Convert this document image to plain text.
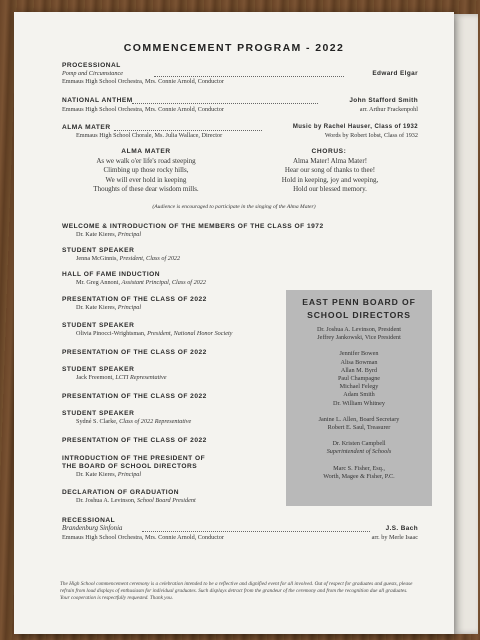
COMMENCEMENT PROGRAM - 2022
PROCESSIONAL
Pomp and Circumstance	Edward Elgar
Emmaus High School Orchestra, Mrs. Connie Arnold, Conductor
NATIONAL ANTHEM	John Stafford Smith
Emmaus High School Orchestra, Mrs. Connie Arnold, Conductor	arr. Arthur Frackenpohl
ALMA MATER	Music by Rachel Hauser, Class of 1932
Emmaus High School Chorale, Ms. Julia Wallace, Director	Words by Robert Iobst, Class of 1932
ALMA MATER
As we walk o'er life's road steeping
Climbing up those rocky hills,
We will ever hold in keeping
Thoughts of these dear wisdom mills.
CHORUS:
Alma Mater! Alma Mater!
Hear our song of thanks to thee!
Hold in keeping, joy and weeping,
Hold our blessed memory.
(Audience is encouraged to participate in the singing of the Alma Mater)
WELCOME & INTRODUCTION OF THE MEMBERS OF THE CLASS OF 1972
Dr. Kate Kieres, Principal
STUDENT SPEAKER
Jenna McGinnis, President, Class of 2022
HALL OF FAME INDUCTION
Mr. Greg Annoni, Assistant Principal, Class of 2022
PRESENTATION OF THE CLASS OF 2022
Dr. Kate Kieres, Principal
STUDENT SPEAKER
Olivia Pinocci-Wrightsman, President, National Honor Society
PRESENTATION OF THE CLASS OF 2022
STUDENT SPEAKER
Jack Freemont, LCTI Representative
PRESENTATION OF THE CLASS OF 2022
STUDENT SPEAKER
Sydné S. Clarke, Class of 2022 Representative
PRESENTATION OF THE CLASS OF 2022
INTRODUCTION OF THE PRESIDENT OF
THE BOARD OF SCHOOL DIRECTORS
Dr. Kate Kieres, Principal
DECLARATION OF GRADUATION
Dr. Joshua A. Levinson, School Board President
RECESSIONAL
Brandenburg Sinfonia	J.S. Bach
Emmaus High School Orchestra, Mrs. Connie Arnold, Conductor	arr. by Merle Isaac
EAST PENN BOARD OF
SCHOOL DIRECTORS
Dr. Joshua A. Levinson, President
Jeffrey Jankowski, Vice President
Jennifer Bowen
Alisa Bowman
Allan M. Byrd
Paul Champagne
Michael Felegy
Adam Smith
Dr. William Whitney
Janine L. Allen, Board Secretary
Robert E. Saul, Treasurer
Dr. Kristen Campbell
Superintendent of Schools
Marc S. Fisher, Esq.,
Worth, Magee & Fisher, P.C.
The High School commencement ceremony is a celebration intended to be a reflective and dignified event for all involved. Out of respect for graduates and guests, please refrain from loud displays of enthusiasm for individual graduates. Such displays detract from the grandeur of the ceremony and from the recognition due all graduates. Your cooperation is respectfully requested. Thank you.
